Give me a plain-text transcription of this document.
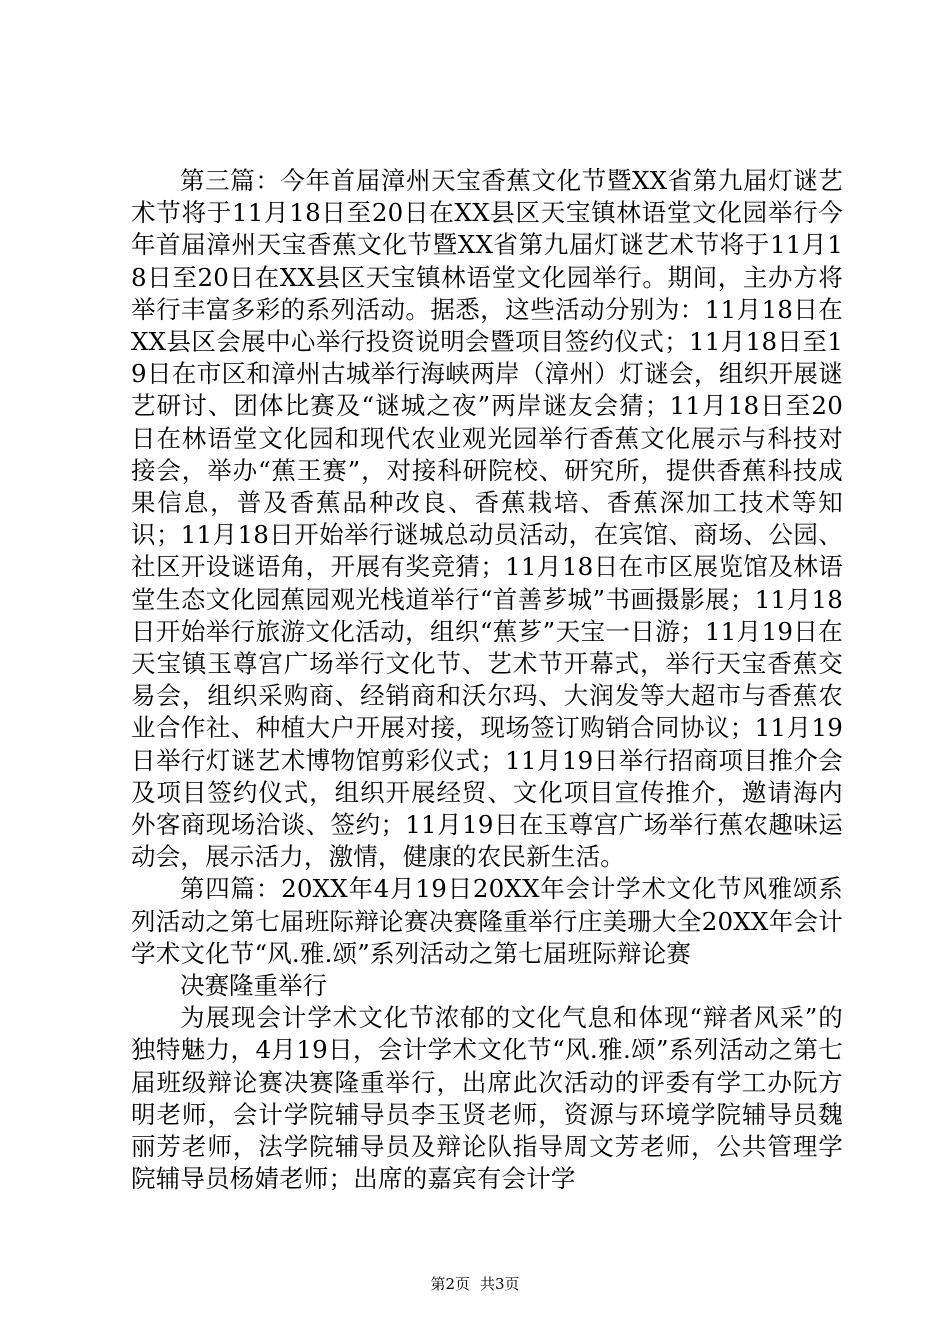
第三篇：今年首届漳州天宝香蕉文化节暨XX省第九届灯谜艺术节将于11月18日至20日在XX县区天宝镇林语堂文化园举行今年首届漳州天宝香蕉文化节暨XX省第九届灯谜艺术节将于11月18日至20日在XX县区天宝镇林语堂文化园举行。期间，主办方将举行丰富多彩的系列活动。据悉，这些活动分别为：11月18日在XX县区会展中心举行投资说明会暨项目签约仪式；11月18日至19日在市区和漳州古城举行海峡两岸（漳州）灯谜会，组织开展谜艺研讨、团体比赛及“谜城之夜”两岸谜友会猜；11月18日至20日在林语堂文化园和现代农业观光园举行香蕉文化展示与科技对接会，举办“蕉王赛”，对接科研院校、研究所，提供香蕉科技成果信息，普及香蕉品种改良、香蕉栽培、香蕉深加工技术等知识；11月18日开始举行谜城总动员活动，在宾馆、商场、公园、社区开设谜语角，开展有奖竞猜；11月18日在市区展览馆及林语堂生态文化园蕉园观光栈道举行“首善芗城”书画摄影展；11月18日开始举行旅游文化活动，组织“蕉芗”天宝一日游；11月19日在天宝镇玉尊宫广场举行文化节、艺术节开幕式，举行天宝香蕉交易会，组织采购商、经销商和沃尔玛、大润发等大超市与香蕉农业合作社、种植大户开展对接，现场签订购销合同协议；11月19日举行灯谜艺术博物馆剪彩仪式；11月19日举行招商项目推介会及项目签约仪式，组织开展经贸、文化项目宣传推介，邀请海内外客商现场洽谈、签约；11月19日在玉尊宫广场举行蕉农趣味运动会，展示活力，激情，健康的农民新生活。

第四篇：20XX年4月19日20XX年会计学术文化节风雅颂系列活动之第七届班际辩论赛决赛隆重举行庄美珊大全20XX年会计学术文化节“风.雅.颂”系列活动之第七届班际辩论赛

决赛隆重举行

为展现会计学术文化节浓郁的文化气息和体现“辩者风采”的独特魅力，4月19日，会计学术文化节“风.雅.颂”系列活动之第七届班级辩论赛决赛隆重举行，出席此次活动的评委有学工办阮方明老师，会计学院辅导员李玉贤老师，资源与环境学院辅导员魏丽芳老师，法学院辅导员及辩论队指导周文芳老师，公共管理学院辅导员杨婧老师；出席的嘉宾有会计学

第2页 共3页
